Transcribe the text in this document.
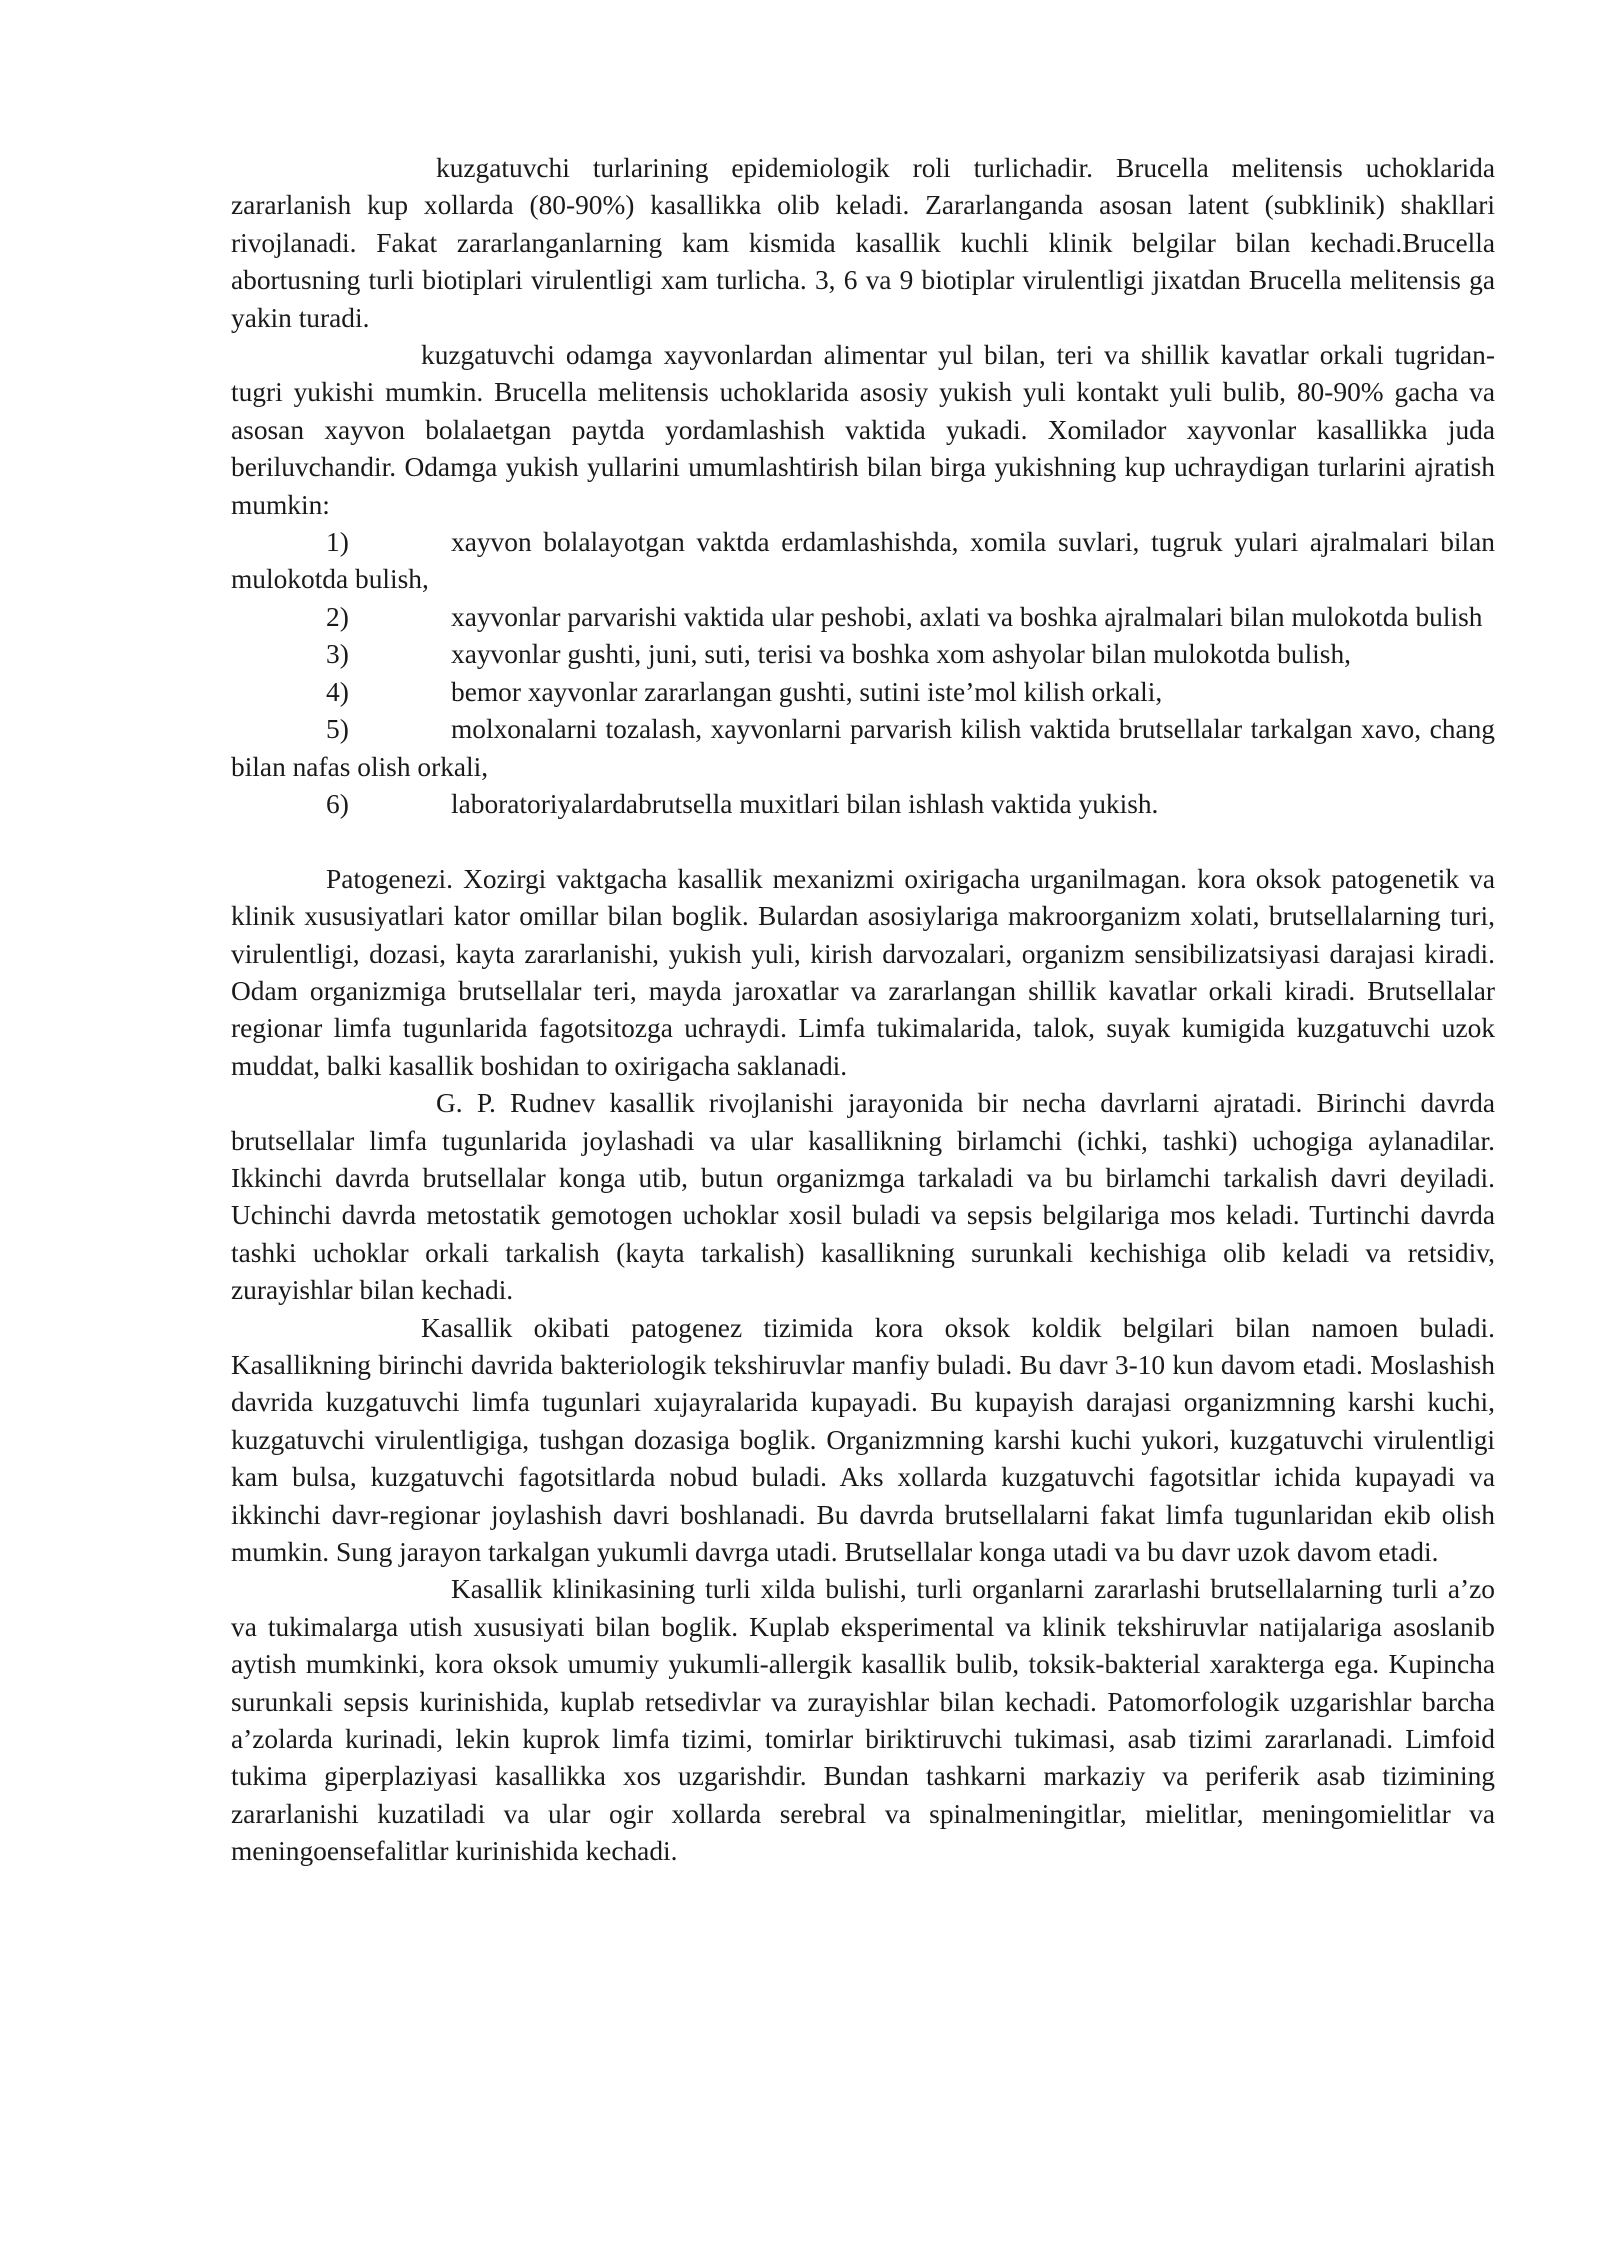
kuzgatuvchi turlarining epidemiologik roli turlichadir. Brucella melitensis uchoklarida zararlanish kup xollarda (80-90%) kasallikka olib keladi. Zararlanganda asosan latent (subklinik) shakllari rivojlanadi. Fakat zararlanganlarning kam kismida kasallik kuchli klinik belgilar bilan kechadi.Brucella abortusning turli biotiplari virulentligi xam turlicha. 3, 6 va 9 biotiplar virulentligi jixatdan Brucella melitensis ga yakin turadi.

kuzgatuvchi odamga xayvonlardan alimentar yul bilan, teri va shillik kavatlar orkali tugridan-tugri yukishi mumkin. Brucella melitensis uchoklarida asosiy yukish yuli kontakt yuli bulib, 80-90% gacha va asosan xayvon bolalaetgan paytda yordamlashish vaktida yukadi. Xomilador xayvonlar kasallikka juda beriluvchandir. Odamga yukish yullarini umumlashtirish bilan birga yukishning kup uchraydigan turlarini ajratish mumkin:

1)	xayvon bolalayotgan vaktda erdamlashishda, xomila suvlari, tugruk yulari ajralmalari bilan mulokotda bulish,

2)	xayvonlar parvarishi vaktida ular peshobi, axlati va boshka ajralmalari bilan mulokotda bulish

3)	xayvonlar gushti, juni, suti, terisi va boshka xom ashyolar bilan mulokotda bulish,

4)	bemor xayvonlar zararlangan gushti, sutini iste’mol kilish orkali,

5)	molxonalarni tozalash, xayvonlarni parvarish kilish vaktida brutsellalar tarkalgan xavo, chang bilan nafas olish orkali,

6)	laboratoriyalardabrutsella muxitlari bilan ishlash vaktida yukish.

Patogenezi. Xozirgi vaktgacha kasallik mexanizmi oxirigacha urganilmagan. kora oksok patogenetik va klinik xususiyatlari kator omillar bilan boglik. Bulardan asosiylariga makroorganizm xolati, brutsellalarning turi, virulentligi, dozasi, kayta zararlanishi, yukish yuli, kirish darvozalari, organizm sensibilizatsiyasi darajasi kiradi. Odam organizmiga brutsellalar teri, mayda jaroxatlar va zararlangan shillik kavatlar orkali kiradi. Brutsellalar regionar limfa tugunlarida fagotsitozga uchraydi. Limfa tukimalarida, talok, suyak kumigida kuzgatuvchi uzok muddat, balki kasallik boshidan to oxirigacha saklanadi.

G. P. Rudnev kasallik rivojlanishi jarayonida bir necha davrlarni ajratadi. Birinchi davrda brutsellalar limfa tugunlarida joylashadi va ular kasallikning birlamchi (ichki, tashki) uchogiga aylanadilar. Ikkinchi davrda brutsellalar konga utib, butun organizmga tarkaladi va bu birlamchi tarkalish davri deyiladi. Uchinchi davrda metostatik gemotogen uchoklar xosil buladi va sepsis belgilariga mos keladi. Turtinchi davrda tashki uchoklar orkali tarkalish (kayta tarkalish) kasallikning surunkali kechishiga olib keladi va retsidiv, zurayishlar bilan kechadi.

Kasallik okibati patogenez tizimida kora oksok koldik belgilari bilan namoen buladi. Kasallikning birinchi davrida bakteriologik tekshiruvlar manfiy buladi. Bu davr 3-10 kun davom etadi. Moslashish davrida kuzgatuvchi limfa tugunlari xujayralarida kupayadi. Bu kupayish darajasi organizmning karshi kuchi, kuzgatuvchi virulentligiga, tushgan dozasiga boglik. Organizmning karshi kuchi yukori, kuzgatuvchi virulentligi kam bulsa, kuzgatuvchi fagotsitlarda nobud buladi. Aks xollarda kuzgatuvchi fagotsitlar ichida kupayadi va ikkinchi davr-regionar joylashish davri boshlanadi. Bu davrda brutsellalarni fakat limfa tugunlaridan ekib olish mumkin. Sung jarayon tarkalgan yukumli davrga utadi. Brutsellalar konga utadi va bu davr uzok davom etadi.

Kasallik klinikasining turli xilda bulishi, turli organlarni zararlashi brutsellalarning turli a’zo va tukimalarga utish xususiyati bilan boglik. Kuplab eksperimental va klinik tekshiruvlar natijalariga asoslanib aytish mumkinki, kora oksok umumiy yukumli-allergik kasallik bulib, toksik-bakterial xarakterga ega. Kupincha surunkali sepsis kurinishida, kuplab retsedivlar va zurayishlar bilan kechadi. Patomorfologik uzgarishlar barcha a’zolarda kurinadi, lekin kuprok limfa tizimi, tomirlar biriktiruvchi tukimasi, asab tizimi zararlanadi. Limfoid tukima giperplaziyasi kasallikka xos uzgarishdir. Bundan tashkarni markaziy va periferik asab tizimining zararlanishi kuzatiladi va ular ogir xollarda serebral va spinalmeningitlar, mielitlar, meningomielitlar va meningoensefalitlar kurinishida kechadi.
